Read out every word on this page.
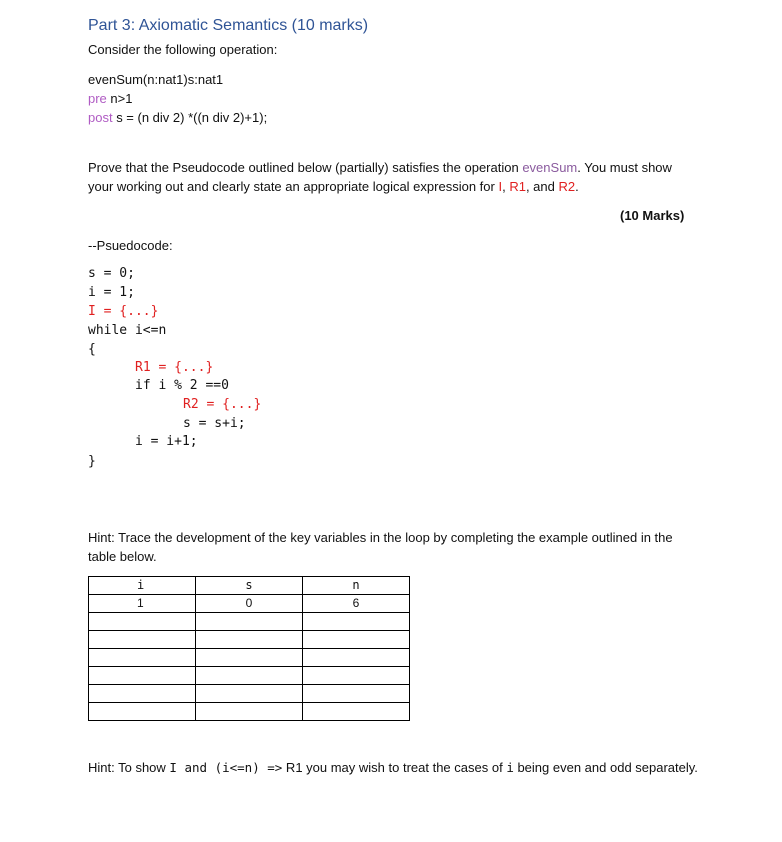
Part 3: Axiomatic Semantics (10 marks)
Consider the following operation:
evenSum(n:nat1)s:nat1
pre n>1
post s = (n div 2) *((n div 2)+1);
Prove that the Pseudocode outlined below (partially) satisfies the operation evenSum. You must show your working out and clearly state an appropriate logical expression for I, R1, and R2.
(10 Marks)
--Psuedocode:
s = 0;
i = 1;
I = {...}
while i<=n
{
R1 = {...}
if i % 2 ==0
R2 = {...}
s = s+i;
i = i+1;
}
Hint: Trace the development of the key variables in the loop by completing the example outlined in the table below.
i	s	n
1	0	6

Hint: To show I and (i<=n) => R1 you may wish to treat the cases of i being even and odd separately.
